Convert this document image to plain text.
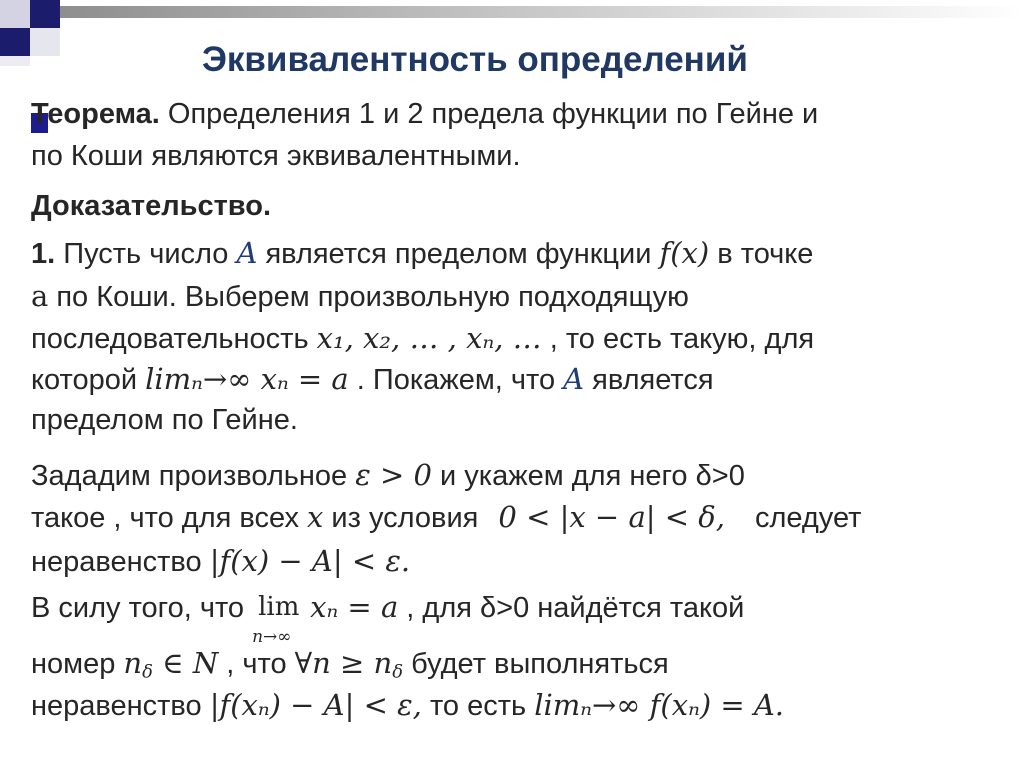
Эквивалентность определений
Теорема. Определения 1 и 2 предела функции по Гейне и
по Коши являются эквивалентными.
Доказательство.
1. Пусть число A является пределом функции f(x) в точке
a по Коши. Выберем произвольную подходящую
последовательность x₁, x₂, … , xₙ, … , то есть такую, для
которой limₙ→∞ xₙ = a . Покажем, что A является
пределом по Гейне.
Зададим произвольное ε > 0 и укажем для него δ>0
такое , что для всех x из условия 0 < |x − a| < δ, следует
неравенство |f(x) − A| < ε.
В силу того, что lim
n→∞
xₙ = a , для δ>0 найдётся такой
номер $n_\delta$ ∈ N , что ∀n ≥ $n_\delta$ будет выполняться
неравенство |f(xₙ) − A| < ε, то есть limₙ→∞ f(xₙ) = A.
